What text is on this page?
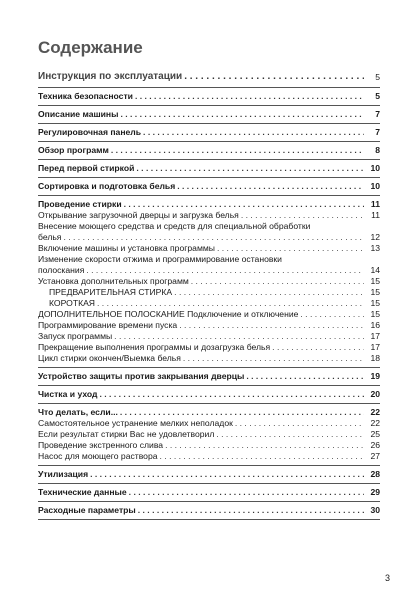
Содержание
Инструкция по эксплуатации . . .	5
Техника безопасности . . .	5
Описание машины . . .	7
Регулировочная панель . . .	7
Обзор программ . . .	8
Перед первой стиркой . . .	10
Сортировка и подготовка белья . . .	10
Проведение стирки . . .	11
Открывание загрузочной дверцы и загрузка белья . . .	11
Внесение моющего средства и средств для специальной обработки
белья . . .	12
Включение машины и установка программы . . .	13
Изменение скорости отжима и программирование остановки
полоскания . . .	14
Установка дополнительных программ . . .	15
ПРЕДВАРИТЕЛЬНАЯ СТИРКА . . .	15
КОРОТКАЯ . . .	15
ДОПОЛНИТЕЛЬНОЕ ПОЛОСКАНИЕ Подключение и отключение . . .	15
Программирование времени пуска . . .	16
Запуск программы . . .	17
Прекращение выполнения программы и дозагрузка белья . . .	17
Цикл стирки окончен/Выемка белья . . .	18
Устройство защиты против закрывания дверцы . . .	19
Чистка и уход . . .	20
Что делать, если... . . .	22
Самостоятельное устранение мелких неполадок . . .	22
Если результат стирки Вас не удовлетворил . . .	25
Проведение экстренного слива . . .	26
Насос для моющего раствора . . .	27
Утилизация . . .	28
Технические данные . . .	29
Расходные параметры . . .	30
3
